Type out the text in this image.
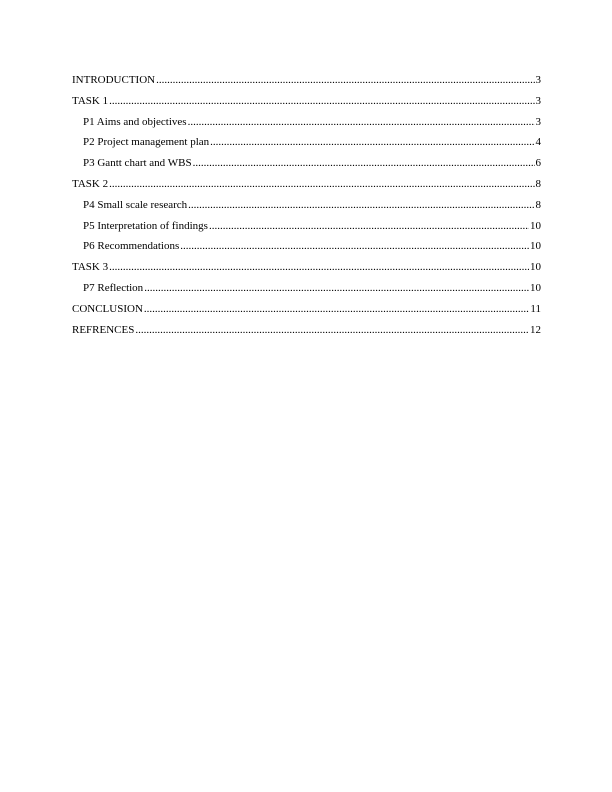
INTRODUCTION .....	3
TASK 1 .....	3
P1 Aims and objectives .....	3
P2 Project management plan .....	4
P3 Gantt chart and WBS .....	6
TASK 2 .....	8
P4 Small scale research .....	8
P5 Interpretation of findings .....	10
P6 Recommendations .....	10
TASK 3 .....	10
P7 Reflection .....	10
CONCLUSION .....	11
REFRENCES .....	12
